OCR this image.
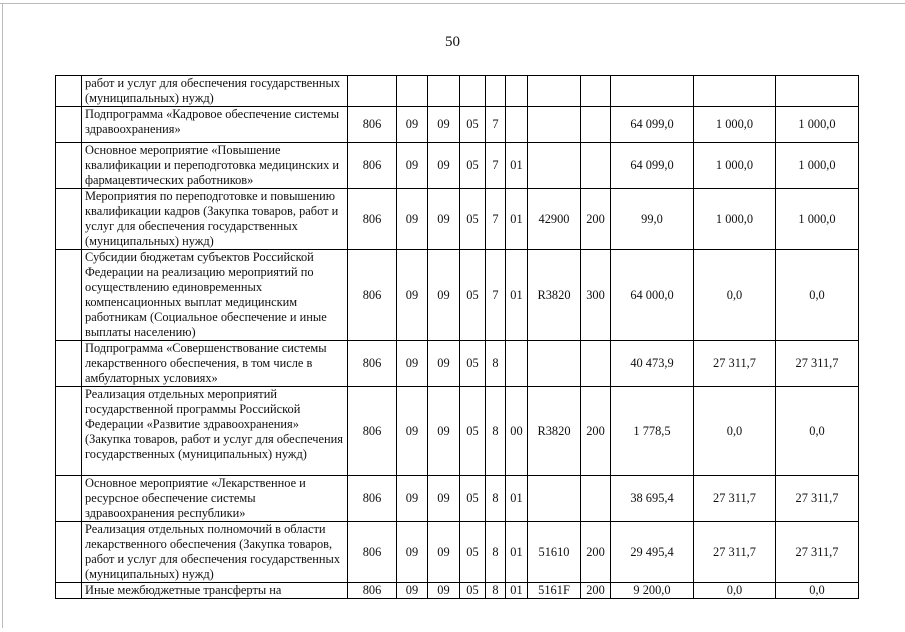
50
	работ и услуг для обеспечения государственных (муниципальных) нужд)											
	Подпрограмма «Кадровое обеспечение системы здравоохранения»	806	09	09	05	7				64 099,0	1 000,0	1 000,0
	Основное мероприятие «Повышение квалификации и переподготовка медицинских и фармацевтических работников»	806	09	09	05	7	01			64 099,0	1 000,0	1 000,0
	Мероприятия по переподготовке и повышению квалификации кадров (Закупка товаров, работ и услуг для обеспечения государственных (муниципальных) нужд)	806	09	09	05	7	01	42900	200	99,0	1 000,0	1 000,0
	Субсидии бюджетам субъектов Российской Федерации на реализацию мероприятий по осуществлению единовременных компенсационных выплат медицинским работникам (Социальное обеспечение и иные выплаты населению)	806	09	09	05	7	01	R3820	300	64 000,0	0,0	0,0
	Подпрограмма «Совершенствование системы лекарственного обеспечения, в том числе в амбулаторных условиях»	806	09	09	05	8				40 473,9	27 311,7	27 311,7
	Реализация отдельных мероприятий государственной программы Российской Федерации «Развитие здравоохранения» (Закупка товаров, работ и услуг для обеспечения государственных (муниципальных) нужд)	806	09	09	05	8	00	R3820	200	1 778,5	0,0	0,0
	Основное мероприятие «Лекарственное и ресурсное обеспечение системы здравоохранения республики»	806	09	09	05	8	01			38 695,4	27 311,7	27 311,7
	Реализация отдельных полномочий в области лекарственного обеспечения (Закупка товаров, работ и услуг для обеспечения государственных (муниципальных) нужд)	806	09	09	05	8	01	51610	200	29 495,4	27 311,7	27 311,7
	Иные межбюджетные трансферты на	806	09	09	05	8	01	5161F	200	9 200,0	0,0	0,0
